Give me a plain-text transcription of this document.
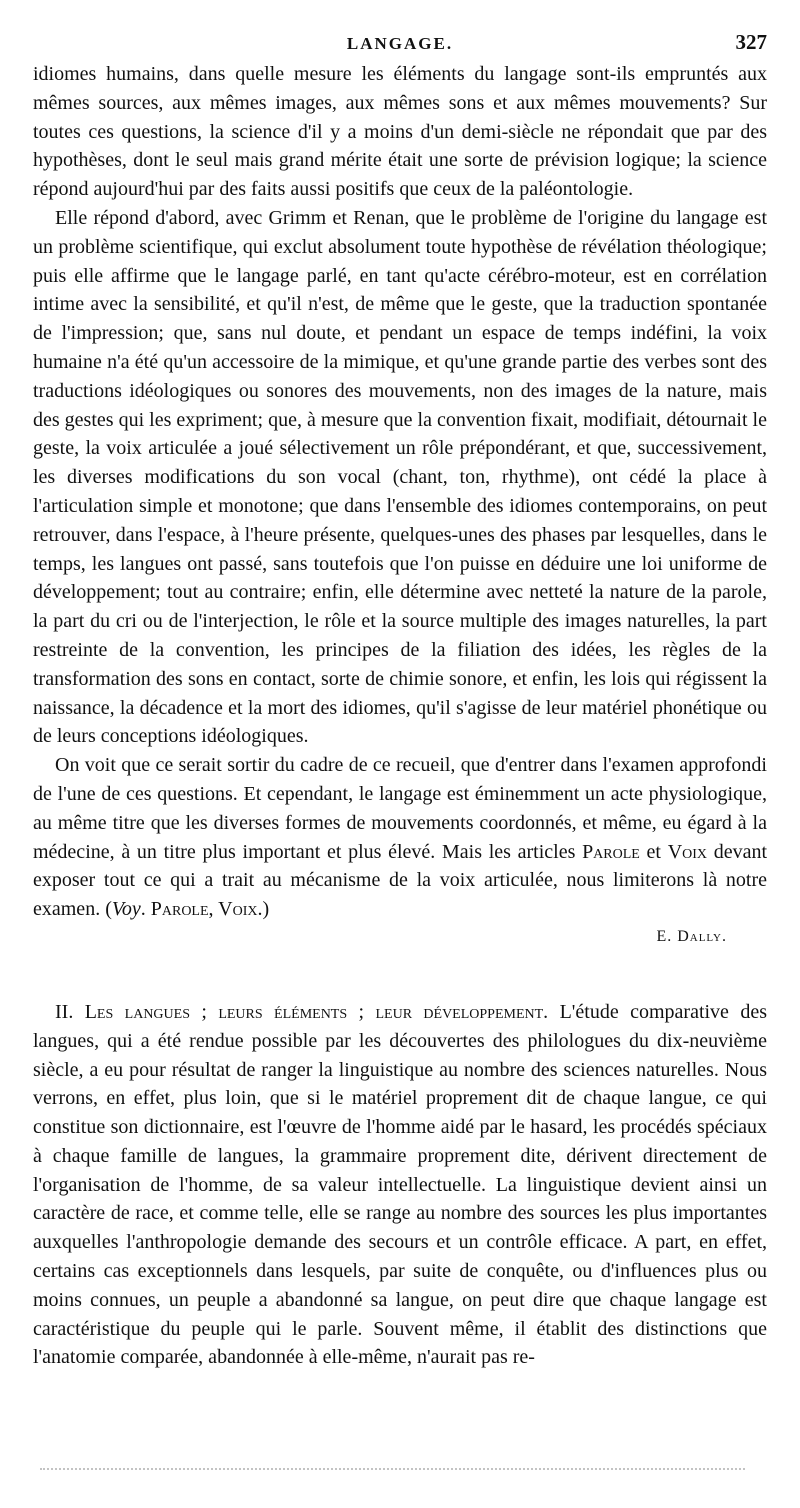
LANGAGE.	327

idiomes humains, dans quelle mesure les éléments du langage sont-ils empruntés aux mêmes sources, aux mêmes images, aux mêmes sons et aux mêmes mouvements? Sur toutes ces questions, la science d'il y a moins d'un demi-siècle ne répondait que par des hypothèses, dont le seul mais grand mérite était une sorte de prévision logique; la science répond aujourd'hui par des faits aussi positifs que ceux de la paléontologie.

Elle répond d'abord, avec Grimm et Renan, que le problème de l'origine du langage est un problème scientifique, qui exclut absolument toute hypothèse de révélation théologique; puis elle affirme que le langage parlé, en tant qu'acte cérébro-moteur, est en corrélation intime avec la sensibilité, et qu'il n'est, de même que le geste, que la traduction spontanée de l'impression; que, sans nul doute, et pendant un espace de temps indéfini, la voix humaine n'a été qu'un accessoire de la mimique, et qu'une grande partie des verbes sont des traductions idéologiques ou sonores des mouvements, non des images de la nature, mais des gestes qui les expriment; que, à mesure que la convention fixait, modifiait, détournait le geste, la voix articulée a joué sélectivement un rôle prépondérant, et que, successivement, les diverses modifications du son vocal (chant, ton, rhythme), ont cédé la place à l'articulation simple et monotone; que dans l'ensemble des idiomes contemporains, on peut retrouver, dans l'espace, à l'heure présente, quelques-unes des phases par lesquelles, dans le temps, les langues ont passé, sans toutefois que l'on puisse en déduire une loi uniforme de développement; tout au contraire; enfin, elle détermine avec netteté la nature de la parole, la part du cri ou de l'interjection, le rôle et la source multiple des images naturelles, la part restreinte de la convention, les principes de la filiation des idées, les règles de la transformation des sons en contact, sorte de chimie sonore, et enfin, les lois qui régissent la naissance, la décadence et la mort des idiomes, qu'il s'agisse de leur matériel phonétique ou de leurs conceptions idéologiques.

On voit que ce serait sortir du cadre de ce recueil, que d'entrer dans l'examen approfondi de l'une de ces questions. Et cependant, le langage est éminemment un acte physiologique, au même titre que les diverses formes de mouvements coordonnés, et même, eu égard à la médecine, à un titre plus important et plus élevé. Mais les articles Parole et Voix devant exposer tout ce qui a trait au mécanisme de la voix articulée, nous limiterons là notre examen. (Voy. Parole, Voix.)

E. Dally.

II. Les langues ; leurs éléments ; leur développement. L'étude comparative des langues, qui a été rendue possible par les découvertes des philologues du dix-neuvième siècle, a eu pour résultat de ranger la linguistique au nombre des sciences naturelles. Nous verrons, en effet, plus loin, que si le matériel proprement dit de chaque langue, ce qui constitue son dictionnaire, est l'œuvre de l'homme aidé par le hasard, les procédés spéciaux à chaque famille de langues, la grammaire proprement dite, dérivent directement de l'organisation de l'homme, de sa valeur intellectuelle. La linguistique devient ainsi un caractère de race, et comme telle, elle se range au nombre des sources les plus importantes auxquelles l'anthropologie demande des secours et un contrôle efficace. A part, en effet, certains cas exceptionnels dans lesquels, par suite de conquête, ou d'influences plus ou moins connues, un peuple a abandonné sa langue, on peut dire que chaque langage est caractéristique du peuple qui le parle. Souvent même, il établit des distinctions que l'anatomie comparée, abandonnée à elle-même, n'aurait pas re-
